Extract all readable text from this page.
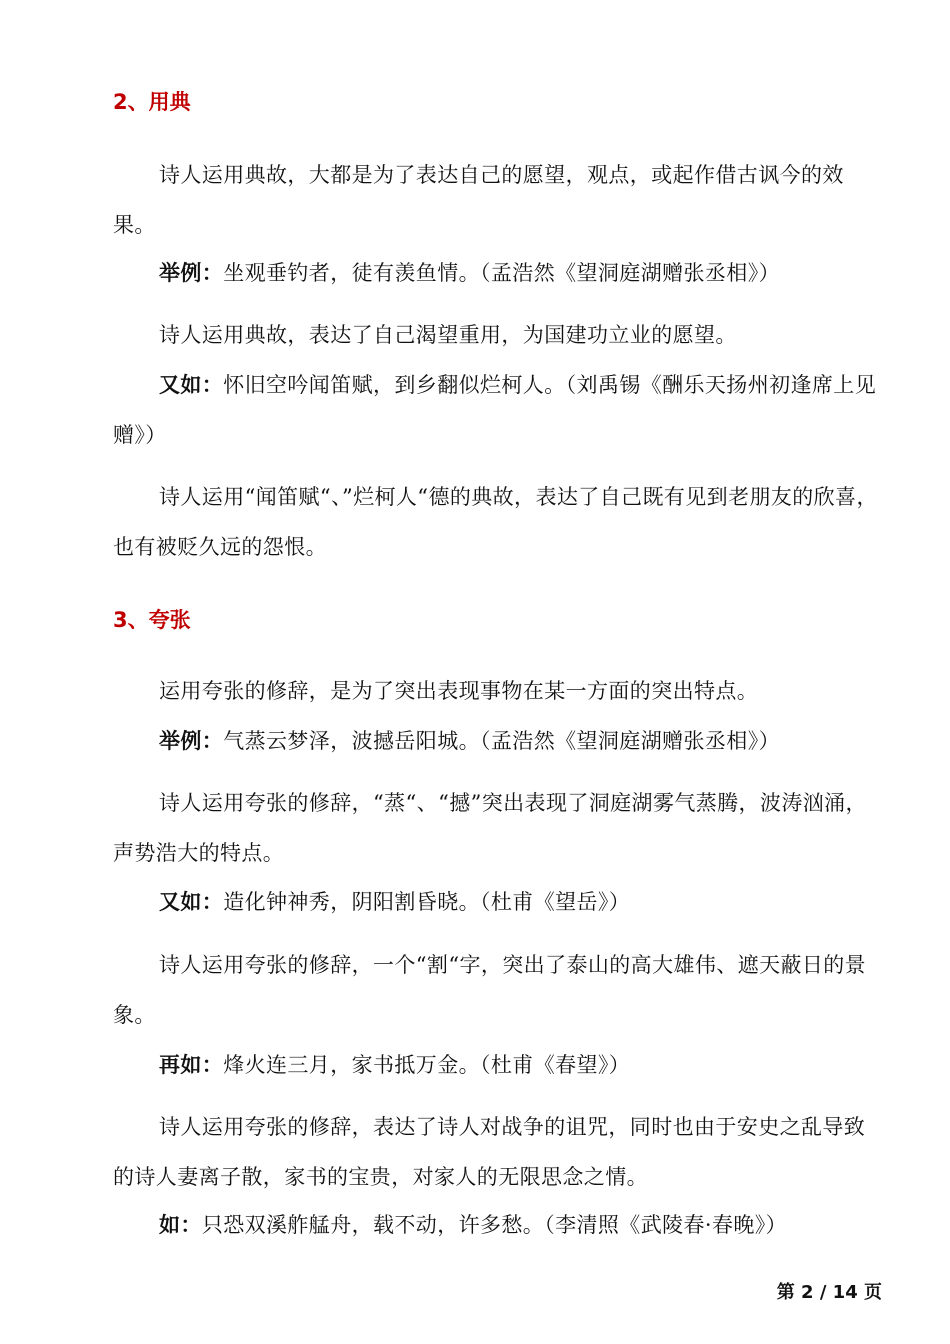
2、用典
诗人运用典故，大都是为了表达自己的愿望，观点，或起作借古讽今的效果。
举例：坐观垂钓者，徒有羡鱼情。（孟浩然《望洞庭湖赠张丞相》）
诗人运用典故，表达了自己渴望重用，为国建功立业的愿望。
又如：怀旧空吟闻笛赋，到乡翻似烂柯人。（刘禹锡《酬乐天扬州初逢席上见赠》）
诗人运用“闻笛赋“、”烂柯人“德的典故，表达了自己既有见到老朋友的欣喜，也有被贬久远的怨恨。
3、夸张
运用夸张的修辞，是为了突出表现事物在某一方面的突出特点。
举例：气蒸云梦泽，波撼岳阳城。（孟浩然《望洞庭湖赠张丞相》）
诗人运用夸张的修辞，“蒸“、“撼”突出表现了洞庭湖雾气蒸腾，波涛汹涌，声势浩大的特点。
又如：造化钟神秀，阴阳割昏晓。（杜甫《望岳》）
诗人运用夸张的修辞，一个“割“字，突出了泰山的高大雄伟、遮天蔽日的景象。
再如：烽火连三月，家书抵万金。（杜甫《春望》）
诗人运用夸张的修辞，表达了诗人对战争的诅咒，同时也由于安史之乱导致的诗人妻离子散，家书的宝贵，对家人的无限思念之情。
如：只恐双溪舴艋舟，载不动，许多愁。（李清照《武陵春·春晚》）
第 2 / 14 页
